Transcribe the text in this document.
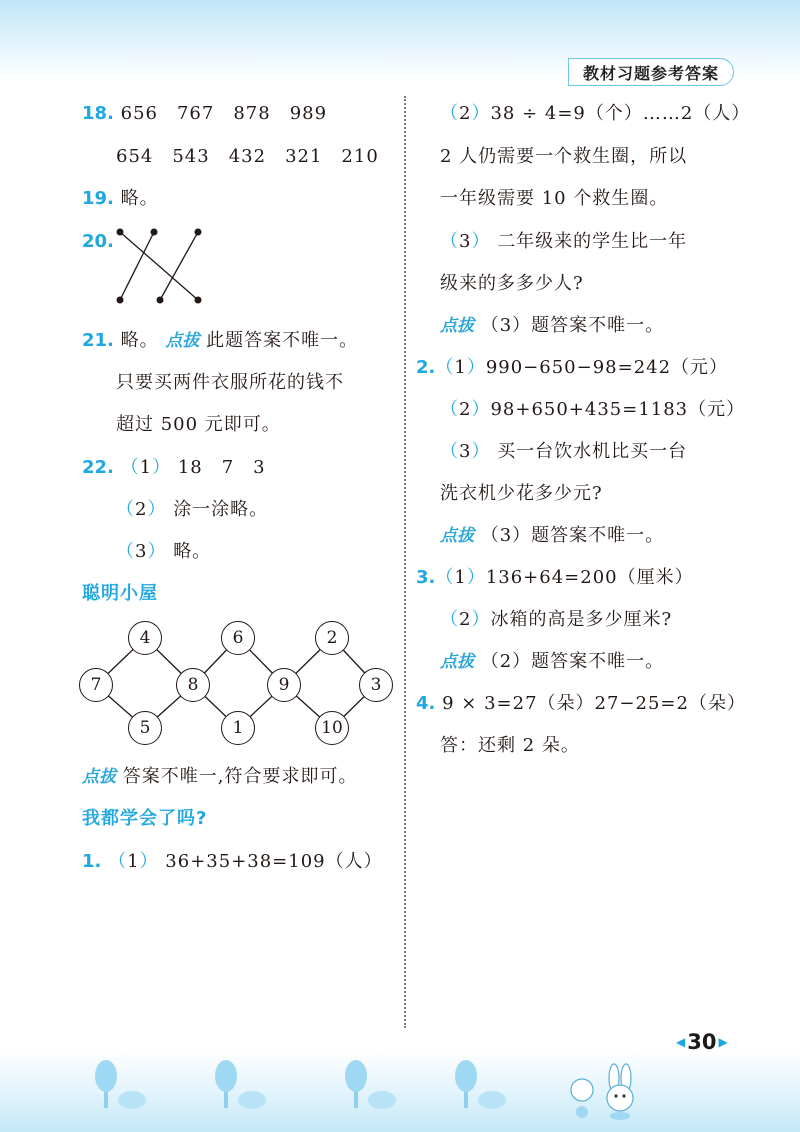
教材习题参考答案
18. 656　767　878　989
654　543　432　321　210
19. 略。
20.
21. 略。 点拔 此题答案不唯一。
只要买两件衣服所花的钱不
超过 500 元即可。
22. （1） 18　7　3
（2） 涂一涂略。
（3） 略。
聪明小屋
4	6	2
7	8	9	3
5	1	10
点拔 答案不唯一,符合要求即可。
我都学会了吗?
1. （1） 36+35+38=109（人）
（2）38 ÷ 4=9（个）……2（人）
2 人仍需要一个救生圈，所以
一年级需要 10 个救生圈。
（3） 二年级来的学生比一年
级来的多多少人?
点拔 （3）题答案不唯一。
2.（1）990−650−98=242（元）
（2）98+650+435=1183（元）
（3） 买一台饮水机比买一台
洗衣机少花多少元?
点拔 （3）题答案不唯一。
3.（1）136+64=200（厘米）
（2）冰箱的高是多少厘米?
点拔 （2）题答案不唯一。
4. 9 × 3=27（朵）27−25=2（朵）
答：还剩 2 朵。
◀ 30 ▶
